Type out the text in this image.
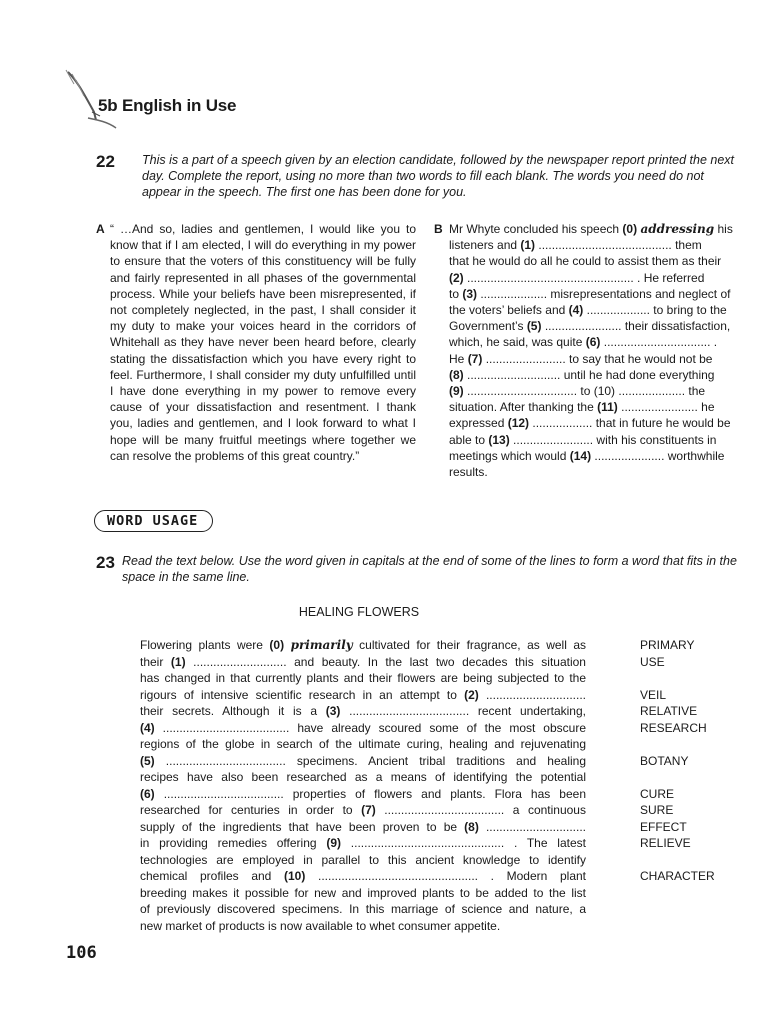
5b English in Use
22 This is a part of a speech given by an election candidate, followed by the newspaper report printed the next day. Complete the report, using no more than two words to fill each blank. The words you need do not appear in the speech. The first one has been done for you.
A “ …And so, ladies and gentlemen, I would like you to know that if I am elected, I will do everything in my power to ensure that the voters of this constituency will be fully and fairly represented in all phases of the governmental process. While your beliefs have been misrepresented, if not completely neglected, in the past, I shall consider it my duty to make your voices heard in the corridors of Whitehall as they have never been heard before, clearly stating the dissatisfaction which you have every right to feel. Furthermore, I shall consider my duty unfulfilled until I have done everything in my power to remove every cause of your dissatisfaction and resentment. I thank you, ladies and gentlemen, and I look forward to what I hope will be many fruitful meetings where together we can resolve the problems of this great country.”
B Mr Whyte concluded his speech (0) addressing his
listeners and (1) ........................................ them
that he would do all he could to assist them as their
(2) .................................................. . He referred
to (3) .................... misrepresentations and neglect of
the voters’ beliefs and (4) ................... to bring to the
Government’s (5) ....................... their dissatisfaction,
which, he said, was quite (6) ................................ .
He (7) ........................ to say that he would not be
(8) ............................ until he had done everything
(9) ................................. to (10) .................... the
situation. After thanking the (11) ....................... he
expressed (12) .................. that in future he would be
able to (13) ........................ with his constituents in
meetings which would (14) ..................... worthwhile
results.
WORD USAGE
23 Read the text below. Use the word given in capitals at the end of some of the lines to form a word that fits in the space in the same line.
HEALING FLOWERS
Flowering plants were (0) primarily cultivated for their fragrance, as well as
their (1) ............................ and beauty. In the last two decades this situation
has changed in that currently plants and their flowers are being subjected to the
rigours of intensive scientific research in an attempt to (2) ..............................
their secrets. Although it is a (3) .................................... recent undertaking,
(4) ...................................... have already scoured some of the most obscure
regions of the globe in search of the ultimate curing, healing and rejuvenating
(5) .................................... specimens. Ancient tribal traditions and healing
recipes have also been researched as a means of identifying the potential
(6) .................................... properties of flowers and plants. Flora has been
researched for centuries in order to (7) .................................... a continuous
supply of the ingredients that have been proven to be (8) ..............................
in providing remedies offering (9) .............................................. . The latest
technologies are employed in parallel to this ancient knowledge to identify
chemical profiles and (10) ................................................ . Modern plant
breeding makes it possible for new and improved plants to be added to the list
of previously discovered specimens. In this marriage of science and nature, a
new market of products is now available to whet consumer appetite.
PRIMARY
USE
VEIL
RELATIVE
RESEARCH
BOTANY
CURE
SURE
EFFECT
RELIEVE
CHARACTER
106
